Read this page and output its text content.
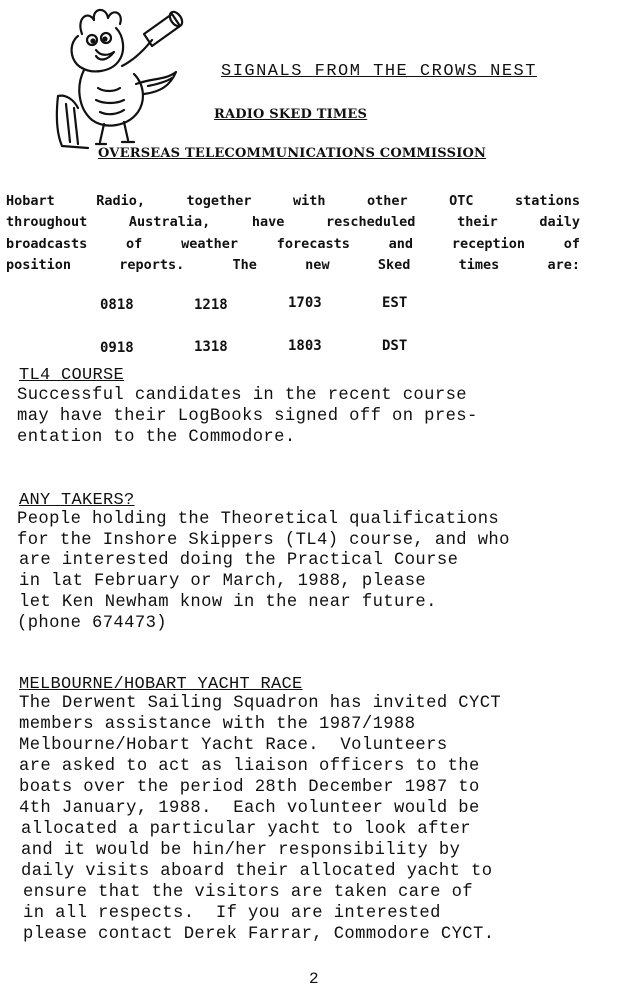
SIGNALS FROM THE CROWS NEST
RADIO SKED TIMES
OVERSEAS TELECOMMUNICATIONS COMMISSION
Hobart Radio, together with other OTC stations
throughout Australia, have rescheduled their daily
broadcasts of weather forecasts and reception of
position reports. The new Sked times are:
0818	1218	1703	EST
0918	1318	1803	DST
TL4 COURSE
Successful candidates in the recent course
may have their LogBooks signed off on pres-
entation to the Commodore.
ANY TAKERS?
People holding the Theoretical qualifications
for the Inshore Skippers (TL4) course, and who
are interested doing the Practical Course
in lat February or March, 1988, please
let Ken Newham know in the near future.
(phone 674473)
MELBOURNE/HOBART YACHT RACE
The Derwent Sailing Squadron has invited CYCT
members assistance with the 1987/1988
Melbourne/Hobart Yacht Race.  Volunteers
are asked to act as liaison officers to the
boats over the period 28th December 1987 to
4th January, 1988.  Each volunteer would be
allocated a particular yacht to look after
and it would be hin/her responsibility by
daily visits aboard their allocated yacht to
ensure that the visitors are taken care of
in all respects.  If you are interested
please contact Derek Farrar, Commodore CYCT.
2
